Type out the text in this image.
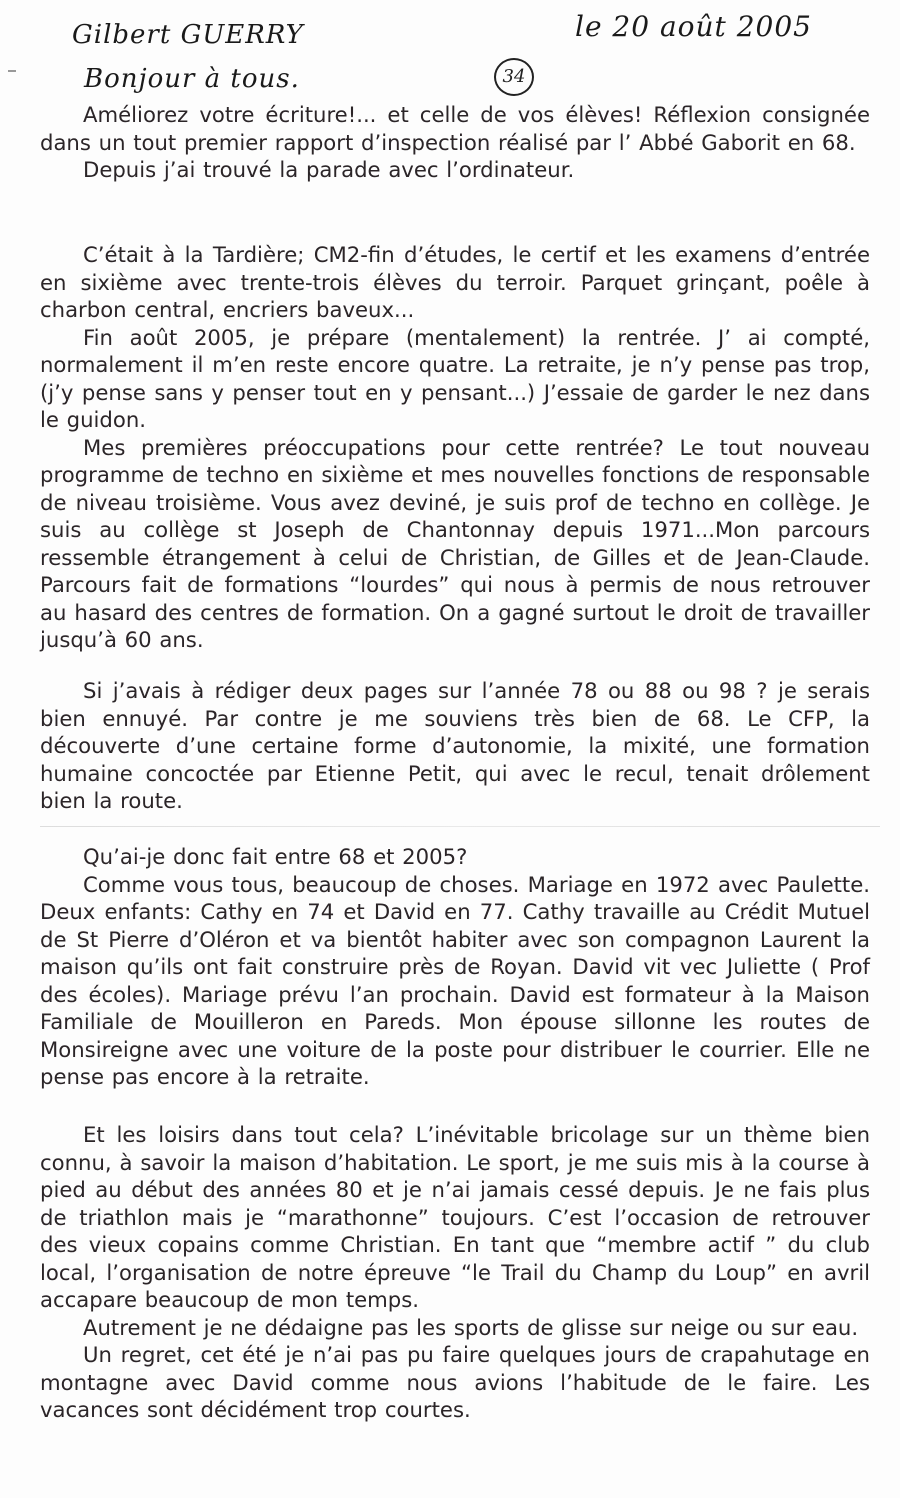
Gilbert GUERRY	le 20 août 2005
Bonjour à tous.	34

Améliorez votre écriture!... et celle de vos élèves! Réflexion consignée dans un tout premier rapport d’inspection réalisé par l’ Abbé Gaborit en 68.

Depuis j’ai trouvé la parade avec l’ordinateur.

C’était à la Tardière; CM2-fin d’études, le certif et les examens d’entrée en sixième avec trente-trois élèves du terroir. Parquet grinçant, poêle à charbon central, encriers baveux...

Fin août 2005, je prépare (mentalement) la rentrée. J’ ai compté, normalement il m’en reste encore quatre. La retraite, je n’y pense pas trop, (j’y pense sans y penser tout en y pensant...) J’essaie de garder le nez dans le guidon.

Mes premières préoccupations pour cette rentrée? Le tout nouveau programme de techno en sixième et mes nouvelles fonctions de responsable de niveau troisième. Vous avez deviné, je suis prof de techno en collège. Je suis au collège st Joseph de Chantonnay depuis 1971...Mon parcours ressemble étrangement à celui de Christian, de Gilles et de Jean-Claude. Parcours fait de formations “lourdes” qui nous à permis de nous retrouver au hasard des centres de formation. On a gagné surtout le droit de travailler jusqu’à 60 ans.

Si j’avais à rédiger deux pages sur l’année 78 ou 88 ou 98 ? je serais bien ennuyé. Par contre je me souviens très bien de 68. Le CFP, la découverte d’une certaine forme d’autonomie, la mixité, une formation humaine concoctée par Etienne Petit, qui avec le recul, tenait drôlement bien la route.

Qu’ai-je donc fait entre 68 et 2005?

Comme vous tous, beaucoup de choses. Mariage en 1972 avec Paulette. Deux enfants: Cathy en 74 et David en 77. Cathy travaille au Crédit Mutuel de St Pierre d’Oléron et va bientôt habiter avec son compagnon Laurent la maison qu’ils ont fait construire près de Royan. David vit vec Juliette ( Prof des écoles). Mariage prévu l’an prochain. David est formateur à la Maison Familiale de Mouilleron en Pareds. Mon épouse sillonne les routes de Monsireigne avec une voiture de la poste pour distribuer le courrier. Elle ne pense pas encore à la retraite.

Et les loisirs dans tout cela? L’inévitable bricolage sur un thème bien connu, à savoir la maison d’habitation. Le sport, je me suis mis à la course à pied au début des années 80 et je n’ai jamais cessé depuis. Je ne fais plus de triathlon mais je “marathonne” toujours. C’est l’occasion de retrouver des vieux copains comme Christian. En tant que “membre actif ” du club local, l’organisation de notre épreuve “le Trail du Champ du Loup” en avril accapare beaucoup de mon temps.

Autrement je ne dédaigne pas les sports de glisse sur neige ou sur eau.

Un regret, cet été je n’ai pas pu faire quelques jours de crapahutage en montagne avec David comme nous avions l’habitude de le faire. Les vacances sont décidément trop courtes.
